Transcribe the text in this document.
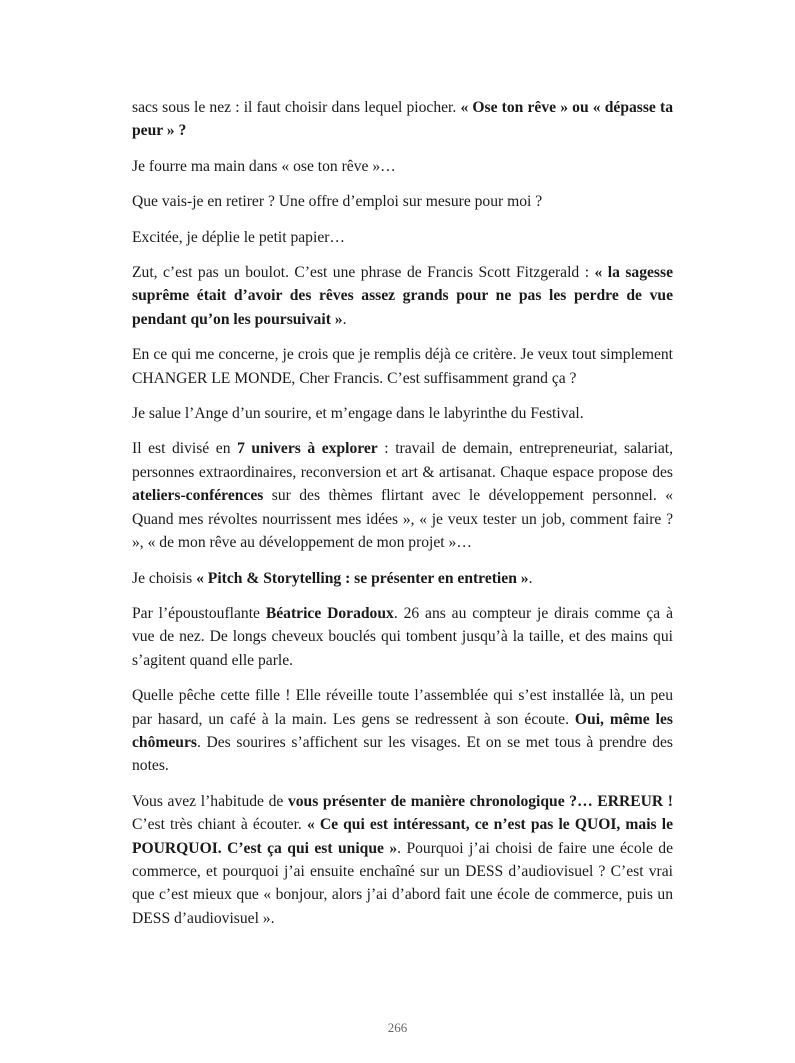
sacs sous le nez : il faut choisir dans lequel piocher. « Ose ton rêve » ou « dépasse ta peur » ?

Je fourre ma main dans « ose ton rêve »…

Que vais-je en retirer ? Une offre d’emploi sur mesure pour moi ?

Excitée, je déplie le petit papier…

Zut, c’est pas un boulot. C’est une phrase de Francis Scott Fitzgerald : « la sagesse suprême était d’avoir des rêves assez grands pour ne pas les perdre de vue pendant qu’on les poursuivait ».

En ce qui me concerne, je crois que je remplis déjà ce critère. Je veux tout simplement CHANGER LE MONDE, Cher Francis. C’est suffisamment grand ça ?

Je salue l’Ange d’un sourire, et m’engage dans le labyrinthe du Festival.

Il est divisé en 7 univers à explorer : travail de demain, entrepreneuriat, salariat, personnes extraordinaires, reconversion et art & artisanat. Chaque espace propose des ateliers-conférences sur des thèmes flirtant avec le développement personnel. « Quand mes révoltes nourrissent mes idées », « je veux tester un job, comment faire ? », « de mon rêve au développement de mon projet »…

Je choisis « Pitch & Storytelling : se présenter en entretien ».

Par l’époustouflante Béatrice Doradoux. 26 ans au compteur je dirais comme ça à vue de nez. De longs cheveux bouclés qui tombent jusqu’à la taille, et des mains qui s’agitent quand elle parle.

Quelle pêche cette fille ! Elle réveille toute l’assemblée qui s’est installée là, un peu par hasard, un café à la main. Les gens se redressent à son écoute. Oui, même les chômeurs. Des sourires s’affichent sur les visages. Et on se met tous à prendre des notes.

Vous avez l’habitude de vous présenter de manière chronologique ?… ERREUR ! C’est très chiant à écouter. « Ce qui est intéressant, ce n’est pas le QUOI, mais le POURQUOI. C’est ça qui est unique ». Pourquoi j’ai choisi de faire une école de commerce, et pourquoi j’ai ensuite enchaîné sur un DESS d’audiovisuel ? C’est vrai que c’est mieux que « bonjour, alors j’ai d’abord fait une école de commerce, puis un DESS d’audiovisuel ».

266
